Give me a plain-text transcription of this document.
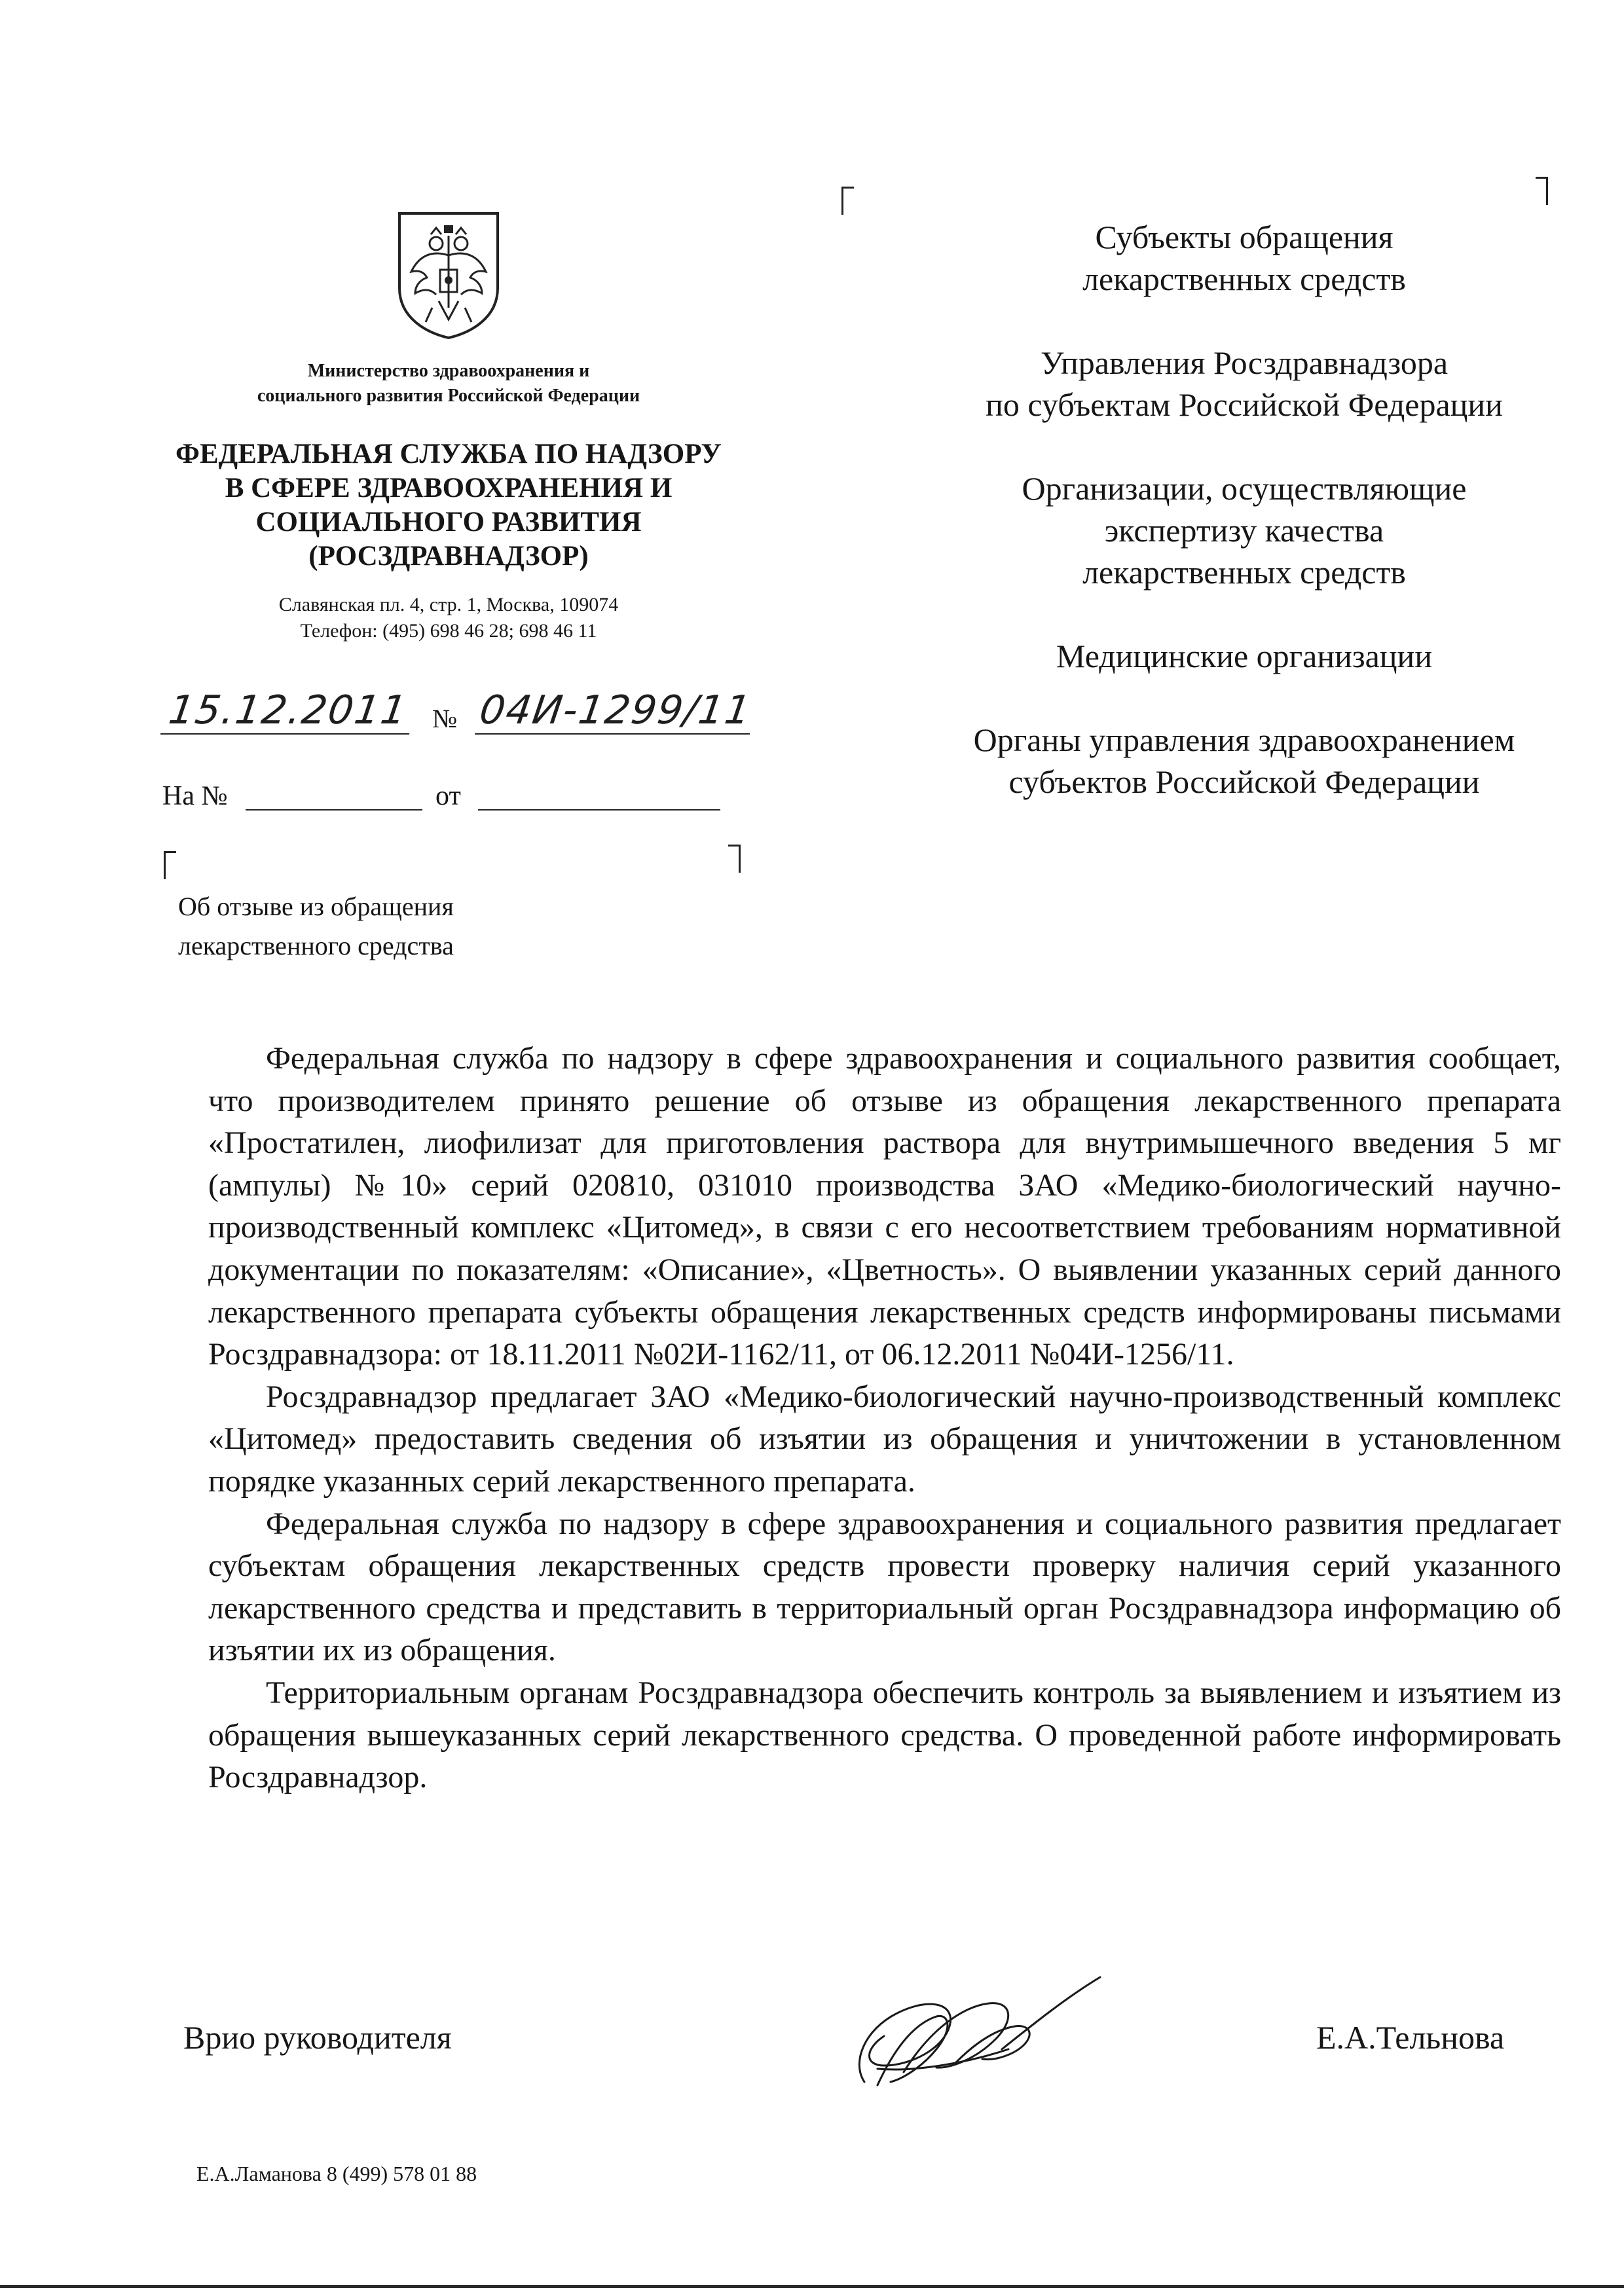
Министерство здравоохранения и
социального развития Российской Федерации
ФЕДЕРАЛЬНАЯ СЛУЖБА ПО НАДЗОРУ
В СФЕРЕ ЗДРАВООХРАНЕНИЯ И
СОЦИАЛЬНОГО РАЗВИТИЯ
(РОСЗДРАВНАДЗОР)
Славянская пл. 4, стр. 1, Москва, 109074
Телефон: (495) 698 46 28; 698 46 11
15.12.2011 № 04И-1299/11
На №	от
Об отзыве из обращения
лекарственного средства
Субъекты обращения
лекарственных средств
Управления Росздравнадзора
по субъектам Российской Федерации
Организации, осуществляющие
экспертизу качества
лекарственных средств
Медицинские организации
Органы управления здравоохранением
субъектов Российской Федерации

Федеральная служба по надзору в сфере здравоохранения и социального развития сообщает, что производителем принято решение об отзыве из обращения лекарственного препарата «Простатилен, лиофилизат для приготовления раствора для внутримышечного введения 5 мг (ампулы) №10» серий 020810, 031010 производства ЗАО «Медико-биологический научно-производственный комплекс «Цитомед», в связи с его несоответствием требованиям нормативной документации по показателям: «Описание», «Цветность». О выявлении указанных серий данного лекарственного препарата субъекты обращения лекарственных средств информированы письмами Росздравнадзора: от 18.11.2011 №02И-1162/11, от 06.12.2011 №04И-1256/11.

Росздравнадзор предлагает ЗАО «Медико-биологический научно-производственный комплекс «Цитомед» предоставить сведения об изъятии из обращения и уничтожении в установленном порядке указанных серий лекарственного препарата.

Федеральная служба по надзору в сфере здравоохранения и социального развития предлагает субъектам обращения лекарственных средств провести проверку наличия серий указанного лекарственного средства и представить в территориальный орган Росздравнадзора информацию об изъятии их из обращения.

Территориальным органам Росздравнадзора обеспечить контроль за выявлением и изъятием из обращения вышеуказанных серий лекарственного средства. О проведенной работе информировать Росздравнадзор.

Врио руководителя	Е.А.Тельнова
Е.А.Ламанова 8 (499) 578 01 88
